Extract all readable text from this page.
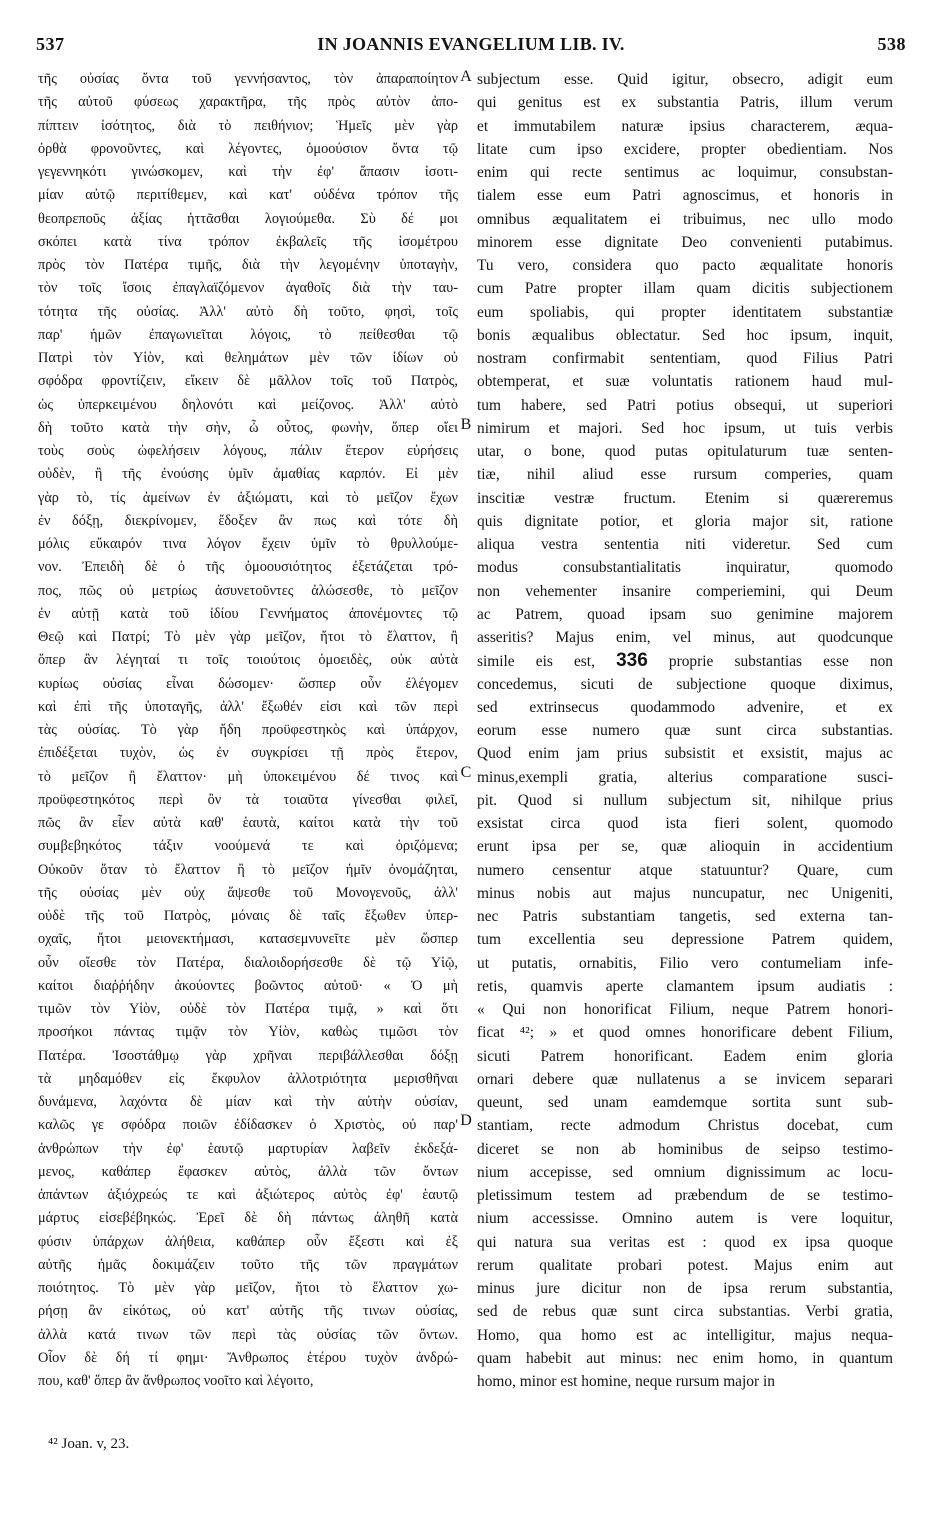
537	IN JOANNIS EVANGELIUM LIB. IV.	538
τῆς οὐσίας ὄντα τοῦ γεννήσαντος, τὸν ἀπαραποίητον
τῆς αὐτοῦ φύσεως χαρακτῆρα, τῆς πρὸς αὐτὸν ἀπο-
πίπτειν ἰσότητος, διὰ τὸ πειθήνιον; Ἡμεῖς μὲν γὰρ
ὀρθὰ φρονοῦντες, καὶ λέγοντες, ὁμοούσιον ὄντα τῷ
γεγεννηκότι γινώσκομεν, καὶ τὴν ἐφ' ἅπασιν ἰσοτι-
μίαν αὐτῷ περιτίθεμεν, καὶ κατ' οὐδένα τρόπον τῆς
θεοπρεποῦς ἀξίας ἡττᾶσθαι λογιούμεθα. Σὺ δέ μοι
σκόπει κατὰ τίνα τρόπον ἐκβαλεῖς τῆς ἰσομέτρου
πρὸς τὸν Πατέρα τιμῆς, διὰ τὴν λεγομένην ὑποταγὴν,
τὸν τοῖς ἴσοις ἐπαγλαϊζόμενον ἀγαθοῖς διὰ τὴν ταυ-
τότητα τῆς οὐσίας. Ἀλλ' αὐτὸ δὴ τοῦτο, φησὶ, τοῖς
παρ' ἡμῶν ἐπαγωνιεῖται λόγοις, τὸ πείθεσθαι τῷ
Πατρὶ τὸν Υἱὸν, καὶ θελημάτων μὲν τῶν ἰδίων οὐ
σφόδρα φροντίζειν, εἴκειν δὲ μᾶλλον τοῖς τοῦ Πατρὸς,
ὡς ὑπερκειμένου δηλονότι καὶ μείζονος. Ἀλλ' αὐτὸ
δὴ τοῦτο κατὰ τὴν σὴν, ὦ οὗτος, φωνὴν, ὅπερ οἴει
τοὺς σοὺς ὠφελήσειν λόγους, πάλιν ἕτερον εὑρήσεις
οὐδὲν, ἢ τῆς ἐνούσης ὑμῖν ἀμαθίας καρπόν. Εἰ μὲν
γὰρ τὸ, τίς ἀμείνων ἐν ἀξιώματι, καὶ τὸ μεῖζον ἔχων
ἐν δόξῃ, διεκρίνομεν, ἔδοξεν ἂν πως καὶ τότε δὴ
μόλις εὔκαιρόν τινα λόγον ἔχειν ὑμῖν τὸ θρυλλούμε-
νον. Ἐπειδὴ δὲ ὁ τῆς ὁμοουσιότητος ἐξετάζεται τρό-
πος, πῶς οὐ μετρίως ἀσυνετοῦντες ἁλώσεσθε, τὸ μεῖζον
ἐν αὐτῇ κατὰ τοῦ ἰδίου Γεννήματος ἀπονέμοντες τῷ
Θεῷ καὶ Πατρί; Τὸ μὲν γὰρ μεῖζον, ἤτοι τὸ ἔλαττον, ἢ
ὅπερ ἂν λέγηταί τι τοῖς τοιούτοις ὁμοειδὲς, οὐκ αὐτὰ
κυρίως οὐσίας εἶναι δώσομεν· ὥσπερ οὖν ἐλέγομεν
καὶ ἐπὶ τῆς ὑποταγῆς, ἀλλ' ἔξωθέν εἰσι καὶ τῶν περὶ
τὰς οὐσίας. Τὸ γὰρ ἤδη προϋφεστηκὸς καὶ ὑπάρχον,
ἐπιδέξεται τυχὸν, ὡς ἐν συγκρίσει τῇ πρὸς ἕτερον,
τὸ μεῖζον ἢ ἔλαττον· μὴ ὑποκειμένου δέ τινος καὶ
προϋφεστηκότος περὶ ὂν τὰ τοιαῦτα γίνεσθαι φιλεῖ,
πῶς ἂν εἶεν αὐτὰ καθ' ἑαυτὰ, καίτοι κατὰ τὴν τοῦ
συμβεβηκότος τάξιν νοούμενά τε καὶ ὁριζόμενα;
Οὐκοῦν ὅταν τὸ ἔλαττον ἢ τὸ μεῖζον ἡμῖν ὀνομάζηται,
τῆς οὐσίας μὲν οὐχ ἅψεσθε τοῦ Μονογενοῦς, ἀλλ'
οὐδὲ τῆς τοῦ Πατρὸς, μόναις δὲ ταῖς ἔξωθεν ὑπερ-
οχαῖς, ἤτοι μειονεκτήμασι, κατασεμνυνεῖτε μὲν ὥσπερ
οὖν οἴεσθε τὸν Πατέρα, διαλοιδορήσεσθε δὲ τῷ Υἱῷ,
καίτοι διαῤῥήδην ἀκούοντες βοῶντος αὐτοῦ· « Ὁ μὴ
τιμῶν τὸν Υἱὸν, οὐδὲ τὸν Πατέρα τιμᾷ, » καὶ ὅτι
προσήκοι πάντας τιμᾷν τὸν Υἱὸν, καθὼς τιμῶσι τὸν
Πατέρα. Ἰσοστάθμῳ γὰρ χρῆναι περιβάλλεσθαι δόξῃ
τὰ μηδαμόθεν εἰς ἔκφυλον ἀλλοτριότητα μερισθῆναι
δυνάμενα, λαχόντα δὲ μίαν καὶ τὴν αὐτὴν οὐσίαν,
καλῶς γε σφόδρα ποιῶν ἐδίδασκεν ὁ Χριστὸς, οὐ παρ'
ἀνθρώπων τὴν ἐφ' ἑαυτῷ μαρτυρίαν λαβεῖν ἐκδεξά-
μενος, καθάπερ ἔφασκεν αὐτὸς, ἀλλὰ τῶν ὄντων
ἁπάντων ἀξιόχρεώς τε καὶ ἀξιώτερος αὐτὸς ἐφ' ἑαυτῷ
μάρτυς εἰσεβέβηκώς. Ἐρεῖ δὲ δὴ πάντως ἀληθῆ κατὰ
φύσιν ὑπάρχων ἀλήθεια, καθάπερ οὖν ἔξεστι καὶ ἐξ
αὐτῆς ἡμᾶς δοκιμάζειν τοῦτο τῆς τῶν πραγμάτων
ποιότητος. Τὸ μὲν γὰρ μεῖζον, ἤτοι τὸ ἔλαττον χω-
ρήσῃ ἂν εἰκότως, οὐ κατ' αὐτῆς τῆς τινων οὐσίας,
ἀλλὰ κατά τινων τῶν περὶ τὰς οὐσίας τῶν ὄντων.
Οἷον δὲ δή τί φημι· Ἄνθρωπος ἑτέρου τυχὸν ἀνδρώ-
που, καθ' ὅπερ ἂν ἄνθρωπος νοοῖτο καὶ λέγοιτο,
subjectum esse. Quid igitur, obsecro, adigit eum
qui genitus est ex substantia Patris, illum verum
et immutabilem naturæ ipsius characterem, æqua-
litate cum ipso excidere, propter obedientiam. Nos
enim qui recte sentimus ac loquimur, consubstan-
tialem esse eum Patri agnoscimus, et honoris in
omnibus æqualitatem ei tribuimus, nec ullo modo
minorem esse dignitate Deo convenienti putabimus.
Tu vero, considera quo pacto æqualitate honoris
cum Patre propter illam quam dicitis subjectionem
eum spoliabis, qui propter identitatem substantiæ
bonis æqualibus oblectatur. Sed hoc ipsum, inquit,
nostram confirmabit sententiam, quod Filius Patri
obtemperat, et suæ voluntatis rationem haud mul-
tum habere, sed Patri potius obsequi, ut superiori
nimirum et majori. Sed hoc ipsum, ut tuis verbis
utar, o bone, quod putas opitulaturum tuæ senten-
tiæ, nihil aliud esse rursum comperies, quam
inscitiæ vestræ fructum. Etenim si quæreremus
quis dignitate potior, et gloria major sit, ratione
aliqua vestra sententia niti videretur. Sed cum
modus consubstantialitatis inquiratur, quomodo
non vehementer insanire comperiemini, qui Deum
ac Patrem, quoad ipsam suo genimine majorem
asseritis? Majus enim, vel minus, aut quodcunque
simile eis est, 336 proprie substantias esse non
concedemus, sicuti de subjectione quoque diximus,
sed extrinsecus quodammodo advenire, et ex
eorum esse numero quæ sunt circa substantias.
Quod enim jam prius subsistit et exsistit, majus ac
minus,exempli gratia, alterius comparatione susci-
pit. Quod si nullum subjectum sit, nihilque prius
exsistat circa quod ista fieri solent, quomodo
erunt ipsa per se, quæ alioquin in accidentium
numero censentur atque statuuntur? Quare, cum
minus nobis aut majus nuncupatur, nec Unigeniti,
nec Patris substantiam tangetis, sed externa tan-
tum excellentia seu depressione Patrem quidem,
ut putatis, ornabitis, Filio vero contumeliam infe-
retis, quamvis aperte clamantem ipsum audiatis :
« Qui non honorificat Filium, neque Patrem honori-
ficat ⁴²; » et quod omnes honorificare debent Filium,
sicuti Patrem honorificant. Eadem enim gloria
ornari debere quæ nullatenus a se invicem separari
queunt, sed unam eamdemque sortita sunt sub-
stantiam, recte admodum Christus docebat, cum
diceret se non ab hominibus de seipso testimo-
nium accepisse, sed omnium dignissimum ac locu-
pletissimum testem ad præbendum de se testimo-
nium accessisse. Omnino autem is vere loquitur,
qui natura sua veritas est : quod ex ipsa quoque
rerum qualitate probari potest. Majus enim aut
minus jure dicitur non de ipsa rerum substantia,
sed de rebus quæ sunt circa substantias. Verbi gratia,
Homo, qua homo est ac intelligitur, majus nequa-
quam habebit aut minus: nec enim homo, in quantum
homo, minor est homine, neque rursum major in
A
B
C
D
⁴² Joan. v, 23.
